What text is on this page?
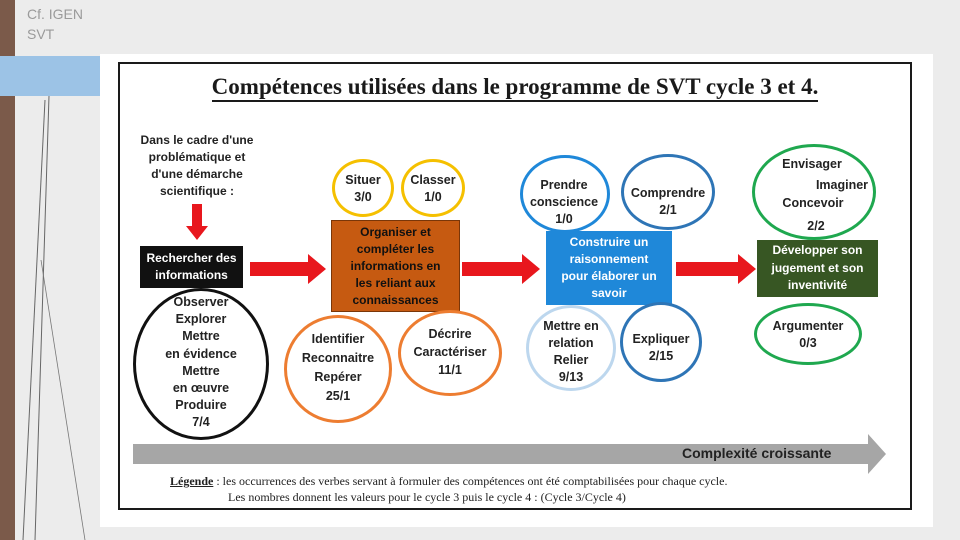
Cf. IGEN
SVT
Compétences utilisées dans le programme de SVT cycle 3 et 4.
Dans le cadre d'une
problématique et
d'une démarche
scientifique :
Rechercher des
informations
Observer
Explorer
Mettre
en évidence
Mettre
en œuvre
Produire
7/4
Situer
3/0
Classer
1/0
Organiser et
compléter les
informations en
les reliant aux
connaissances
Identifier
Reconnaitre
Repérer
25/1
Décrire
Caractériser
11/1
Prendre
conscience
1/0
Comprendre
2/1
Construire un
raisonnement
pour élaborer un
savoir
Mettre en
relation
Relier
9/13
Expliquer
2/15
Envisager
Imaginer
Concevoir
2/2
Développer son
jugement et son
inventivité
Argumenter
0/3
Complexité croissante
Légende : les occurrences des verbes servant à formuler des compétences ont été comptabilisées pour chaque cycle.
Les nombres donnent les valeurs pour le cycle 3 puis le cycle 4 : (Cycle 3/Cycle 4)
